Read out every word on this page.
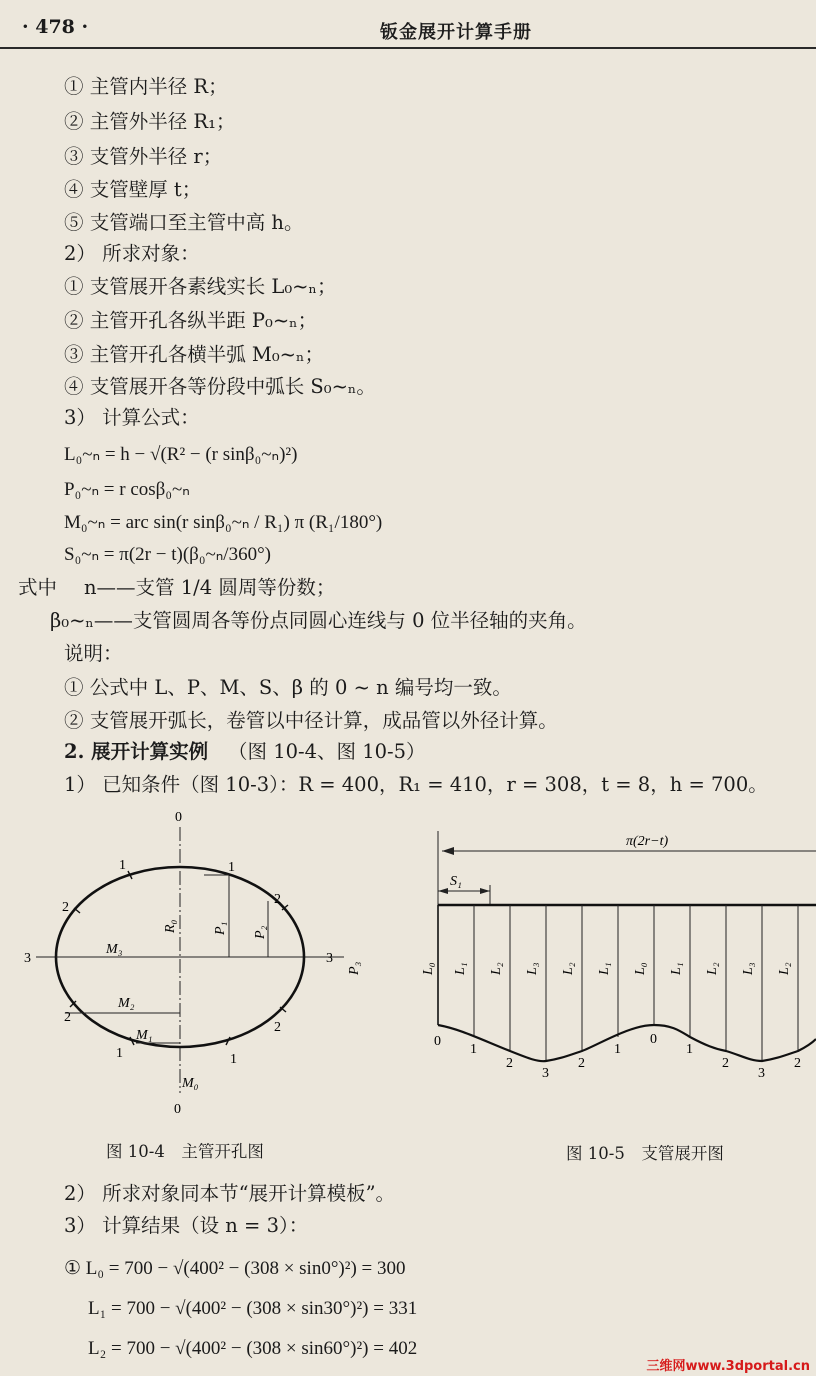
· 478 ·	钣金展开计算手册
① 主管内半径 R；
② 主管外半径 R₁；
③ 支管外半径 r；
④ 支管壁厚 t；
⑤ 支管端口至主管中高 h。
2） 所求对象：
① 支管展开各素线实长 L₀~ₙ；
② 主管开孔各纵半距 P₀~ₙ；
③ 主管开孔各横半弧 M₀~ₙ；
④ 支管展开各等份段中弧长 S₀~ₙ。
3） 计算公式：
L₀~ₙ = h − √(R² − (r sinβ₀~ₙ)²)
P₀~ₙ = r cosβ₀~ₙ
M₀~ₙ = arc sin(r sinβ₀~ₙ / R₁) π (R₁/180°)
S₀~ₙ = π(2r − t)(β₀~ₙ/360°)
式中 n——支管 1/4 圆周等份数；
β₀~ₙ——支管圆周各等份点同圆心连线与 0 位半径轴的夹角。
说明：
① 公式中 L、P、M、S、β 的 0 ~ n 编号均一致。
② 支管展开弧长，卷管以中径计算，成品管以外径计算。
2. 展开计算实例 （图 10-4、图 10-5）
1） 已知条件（图 10-3）：R = 400，R₁ = 410，r = 308，t = 8，h = 700。
0
1	1
2
2
3	3
2
2
1	1
0
R₀	P₁ P₂
P₃
M₃
M₂
M₁
M₀
图 10-4　主管开孔图
π(2r−t)
S₁
L₀ L₁ L₂ L₃ L₂ L₁ L₀ L₁ L₂ L₃ L₂
0
1
2
3
2
1
0
1
2
3
2
图 10-5　支管展开图
2） 所求对象同本节“展开计算模板”。
3） 计算结果（设 n = 3）：
① L₀ = 700 − √(400² − (308 × sin0°)²) = 300
L₁ = 700 − √(400² − (308 × sin30°)²) = 331
L₂ = 700 − √(400² − (308 × sin60°)²) = 402
三维网www.3dportal.cn
